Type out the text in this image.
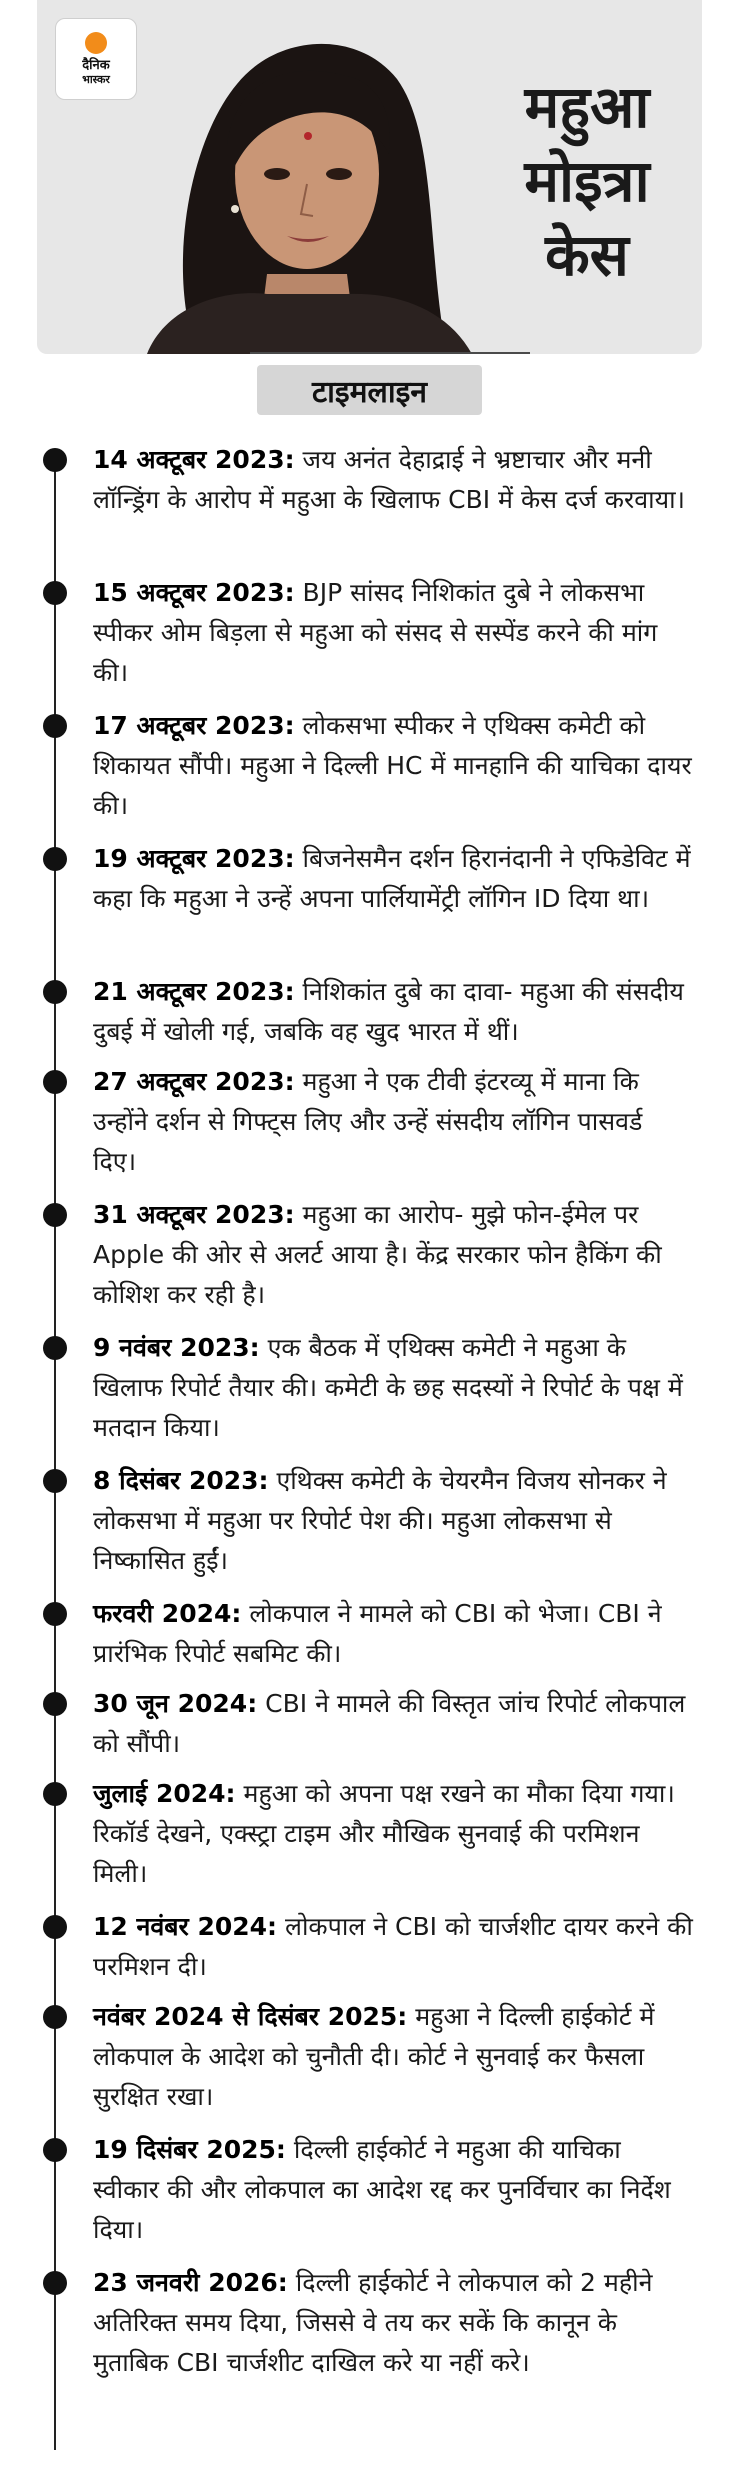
दैनिक
भास्कर	महुआ
मोइत्रा
केस
टाइमलाइन
14 अक्टूबर 2023: जय अनंत देहाद्राई ने भ्रष्टाचार और मनी लॉन्ड्रिंग के आरोप में महुआ के खिलाफ CBI में केस दर्ज करवाया।
15 अक्टूबर 2023: BJP सांसद निशिकांत दुबे ने लोकसभा स्पीकर ओम बिड़ला से महुआ को संसद से सस्पेंड करने की मांग की।
17 अक्टूबर 2023: लोकसभा स्पीकर ने एथिक्स कमेटी को शिकायत सौंपी। महुआ ने दिल्ली HC में मानहानि की याचिका दायर की।
19 अक्टूबर 2023: बिजनेसमैन दर्शन हिरानंदानी ने एफिडेविट में कहा कि महुआ ने उन्हें अपना पार्लियामेंट्री लॉगिन ID दिया था।
21 अक्टूबर 2023: निशिकांत दुबे का दावा- महुआ की संसदीय दुबई में खोली गई, जबकि वह खुद भारत में थीं।
27 अक्टूबर 2023: महुआ ने एक टीवी इंटरव्यू में माना कि उन्होंने दर्शन से गिफ्ट्स लिए और उन्हें संसदीय लॉगिन पासवर्ड दिए।
31 अक्टूबर 2023: महुआ का आरोप- मुझे फोन-ईमेल पर Apple की ओर से अलर्ट आया है। केंद्र सरकार फोन हैकिंग की कोशिश कर रही है।
9 नवंबर 2023: एक बैठक में एथिक्स कमेटी ने महुआ के खिलाफ रिपोर्ट तैयार की। कमेटी के छह सदस्यों ने रिपोर्ट के पक्ष में मतदान किया।
8 दिसंबर 2023: एथिक्स कमेटी के चेयरमैन विजय सोनकर ने लोकसभा में महुआ पर रिपोर्ट पेश की। महुआ लोकसभा से निष्कासित हुईं।
फरवरी 2024: लोकपाल ने मामले को CBI को भेजा। CBI ने प्रारंभिक रिपोर्ट सबमिट की।
30 जून 2024: CBI ने मामले की विस्तृत जांच रिपोर्ट लोकपाल को सौंपी।
जुलाई 2024: महुआ को अपना पक्ष रखने का मौका दिया गया। रिकॉर्ड देखने, एक्स्ट्रा टाइम और मौखिक सुनवाई की परमिशन मिली।
12 नवंबर 2024: लोकपाल ने CBI को चार्जशीट दायर करने की परमिशन दी।
नवंबर 2024 से दिसंबर 2025: महुआ ने दिल्ली हाईकोर्ट में लोकपाल के आदेश को चुनौती दी। कोर्ट ने सुनवाई कर फैसला सुरक्षित रखा।
19 दिसंबर 2025: दिल्ली हाईकोर्ट ने महुआ की याचिका स्वीकार की और लोकपाल का आदेश रद्द कर पुनर्विचार का निर्देश दिया।
23 जनवरी 2026: दिल्ली हाईकोर्ट ने लोकपाल को 2 महीने अतिरिक्त समय दिया, जिससे वे तय कर सकें कि कानून के मुताबिक CBI चार्जशीट दाखिल करे या नहीं करे।
